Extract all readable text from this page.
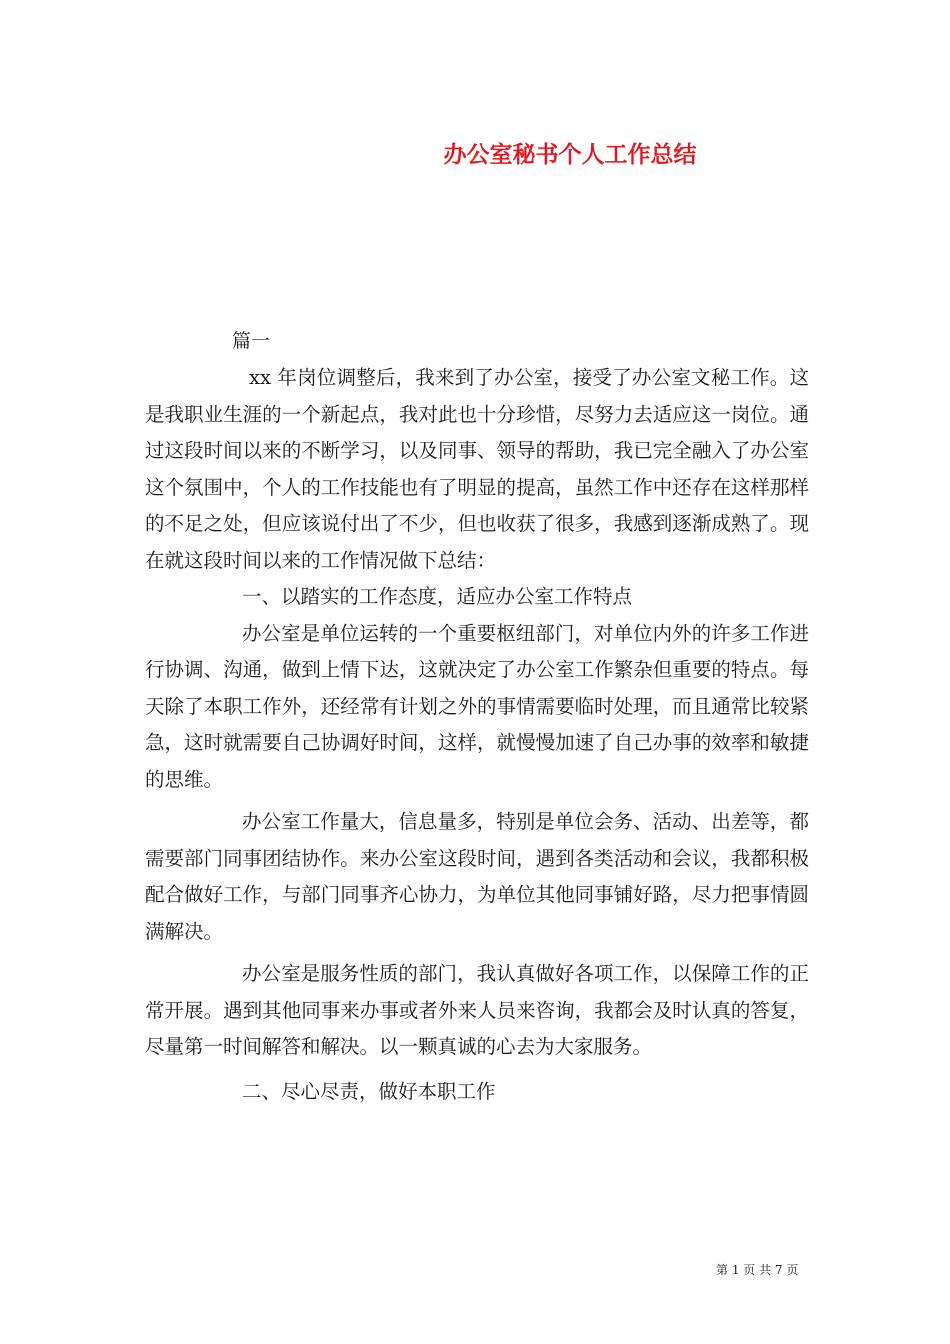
办公室秘书个人工作总结
篇一

xx 年岗位调整后，我来到了办公室，接受了办公室文秘工作。这是我职业生涯的一个新起点，我对此也十分珍惜，尽努力去适应这一岗位。通过这段时间以来的不断学习，以及同事、领导的帮助，我已完全融入了办公室这个氛围中，个人的工作技能也有了明显的提高，虽然工作中还存在这样那样的不足之处，但应该说付出了不少，但也收获了很多，我感到逐渐成熟了。现在就这段时间以来的工作情况做下总结：

一、以踏实的工作态度，适应办公室工作特点

办公室是单位运转的一个重要枢纽部门，对单位内外的许多工作进行协调、沟通，做到上情下达，这就决定了办公室工作繁杂但重要的特点。每天除了本职工作外，还经常有计划之外的事情需要临时处理，而且通常比较紧急，这时就需要自己协调好时间，这样，就慢慢加速了自己办事的效率和敏捷的思维。

办公室工作量大，信息量多，特别是单位会务、活动、出差等，都需要部门同事团结协作。来办公室这段时间，遇到各类活动和会议，我都积极配合做好工作，与部门同事齐心协力，为单位其他同事铺好路，尽力把事情圆满解决。

办公室是服务性质的部门，我认真做好各项工作，以保障工作的正常开展。遇到其他同事来办事或者外来人员来咨询，我都会及时认真的答复，尽量第一时间解答和解决。以一颗真诚的心去为大家服务。

二、尽心尽责，做好本职工作

第 1 页 共 7 页
